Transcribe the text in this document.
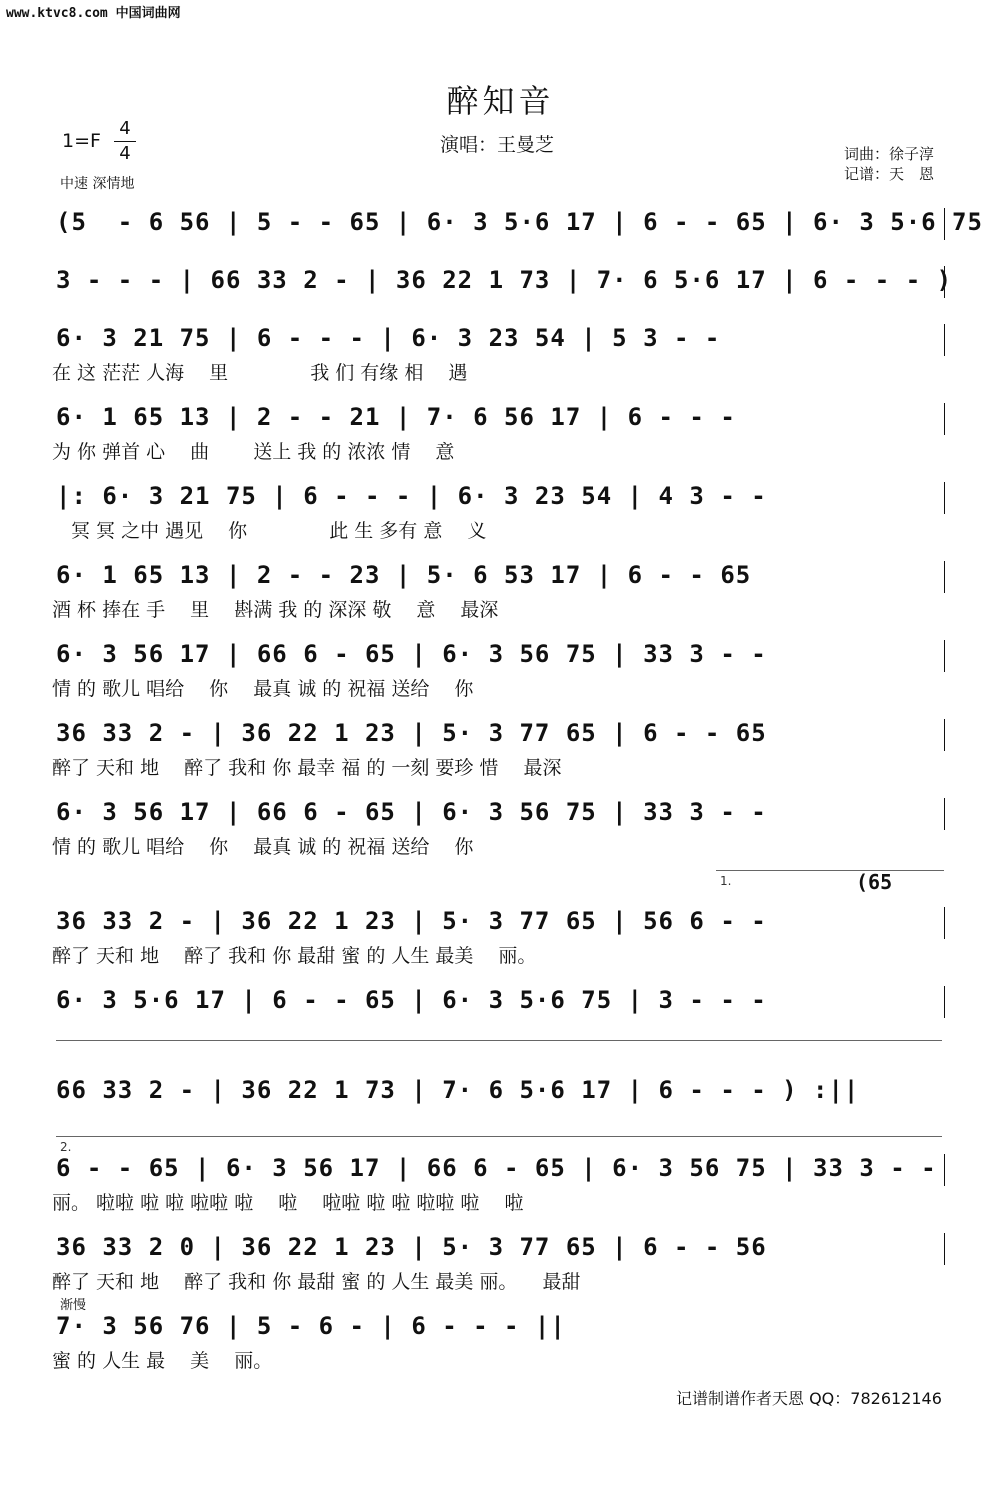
www.ktvc8.com 中国词曲网
醉知音
演唱：王曼芝	词曲：徐子淳
记谱：天　恩
1=F
4
4
中速 深情地
(5  - 6 56 | 5 - - 65 | 6· 3 5·6 17 | 6 - - 65 | 6· 3 5·6 75
3 - - - | 66 33 2 - | 36 22 1 73 | 7· 6 5·6 17 | 6 - - - )
6· 3 21 75 | 6 - - - | 6· 3 23 54 | 5 3 - -
在 这 茫茫 人海 　里 　　　　我 们 有缘 相 　遇
6· 1 65 13 | 2 - - 21 | 7· 6 56 17 | 6 - - -
为 你 弹首 心 　曲 　　送上 我 的 浓浓 情 　意
|: 6· 3 21 75 | 6 - - - | 6· 3 23 54 | 4 3 - -
　冥 冥 之中 遇见 　你 　　　　此 生 多有 意 　义
6· 1 65 13 | 2 - - 23 | 5· 6 53 17 | 6 - - 65
酒 杯 捧在 手 　里 　斟满 我 的 深深 敬 　意 　最深
6· 3 56 17 | 66 6 - 65 | 6· 3 56 75 | 33 3 - -
情 的 歌儿 唱给 　你 　最真 诚 的 祝福 送给 　你
36 33 2 - | 36 22 1 23 | 5· 3 77 65 | 6 - - 65
醉了 天和 地 　醉了 我和 你 最幸 福 的 一刻 要珍 惜 　最深
6· 3 56 17 | 66 6 - 65 | 6· 3 56 75 | 33 3 - -
情 的 歌儿 唱给 　你 　最真 诚 的 祝福 送给 　你
1.	(65
36 33 2 - | 36 22 1 23 | 5· 3 77 65 | 56 6 - -
醉了 天和 地 　醉了 我和 你 最甜 蜜 的 人生 最美 　丽。
6· 3 5·6 17 | 6 - - 65 | 6· 3 5·6 75 | 3 - - -
66 33 2 - | 36 22 1 73 | 7· 6 5·6 17 | 6 - - - ) :||
2.
6 - - 65 | 6· 3 56 17 | 66 6 - 65 | 6· 3 56 75 | 33 3 - -
丽。 啦啦 啦 啦 啦啦 啦 　啦 　啦啦 啦 啦 啦啦 啦 　啦
36 33 2 0 | 36 22 1 23 | 5· 3 77 65 | 6 - - 56
醉了 天和 地 　醉了 我和 你 最甜 蜜 的 人生 最美 丽。 　最甜
渐慢
7· 3 56 76 | 5 - 6 - | 6 - - - ||
蜜 的 人生 最 　美 　丽。
记谱制谱作者天恩 QQ：782612146
